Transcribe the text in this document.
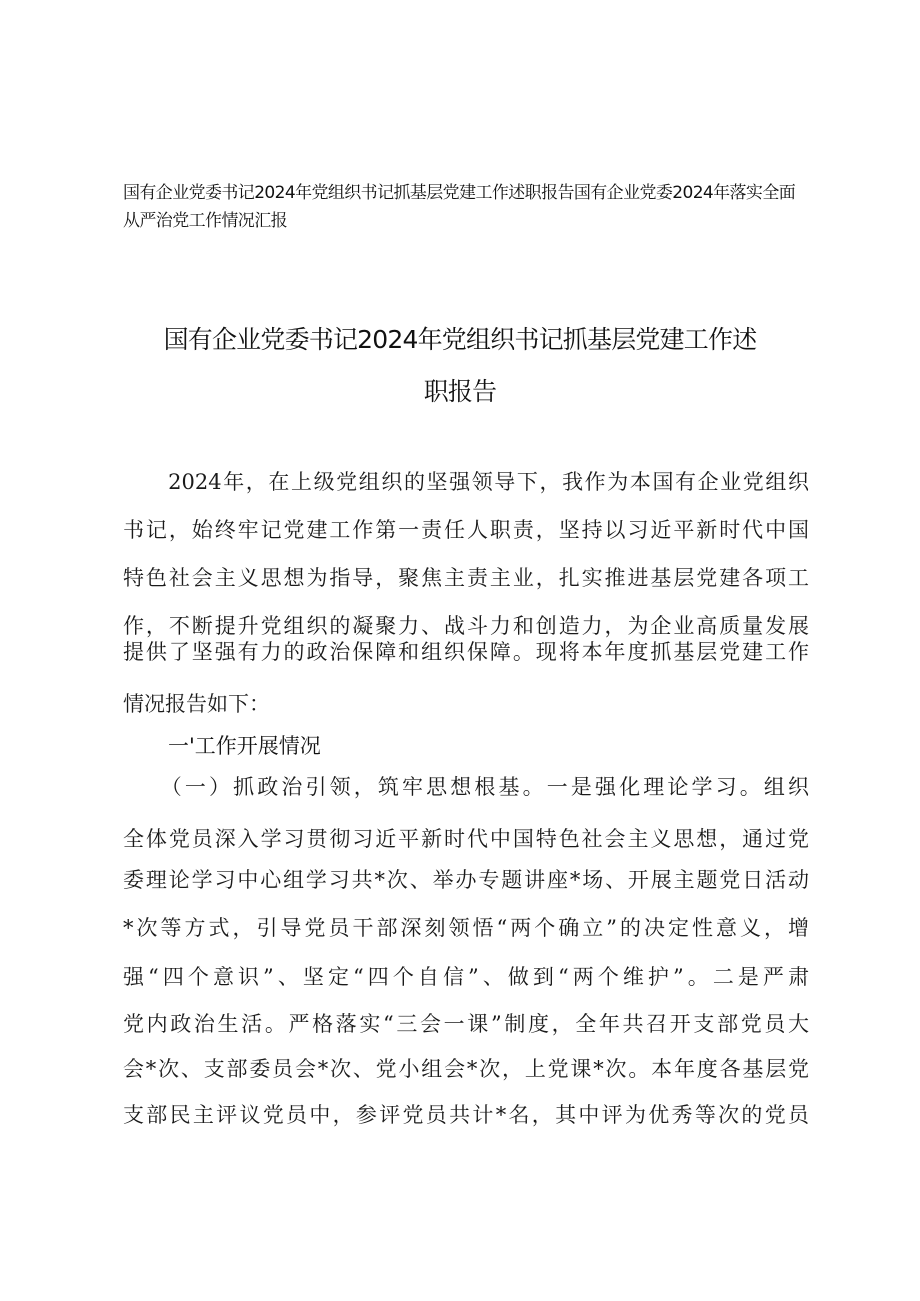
国有企业党委书记2024年党组织书记抓基层党建工作述职报告国有企业党委2024年落实全面
从严治党工作情况汇报
国有企业党委书记2024年党组织书记抓基层党建工作述
职报告
　　2024年，在上级党组织的坚强领导下，我作为本国有企业党组织
书记，始终牢记党建工作第一责任人职责，坚持以习近平新时代中国
特色社会主义思想为指导，聚焦主责主业，扎实推进基层党建各项工
作，不断提升党组织的凝聚力、战斗力和创造力，为企业高质量发展
提供了坚强有力的政治保障和组织保障。现将本年度抓基层党建工作
情况报告如下：
一'工作开展情况
　　（一）抓政治引领，筑牢思想根基。一是强化理论学习。组织
全体党员深入学习贯彻习近平新时代中国特色社会主义思想，通过党
委理论学习中心组学习共*次、举办专题讲座*场、开展主题党日活动
*次等方式，引导党员干部深刻领悟“两个确立”的决定性意义，增
强“四个意识”、坚定“四个自信”、做到“两个维护”。二是严肃
党内政治生活。严格落实“三会一课”制度，全年共召开支部党员大
会*次、支部委员会*次、党小组会*次，上党课*次。本年度各基层党
支部民主评议党员中，参评党员共计*名，其中评为优秀等次的党员
